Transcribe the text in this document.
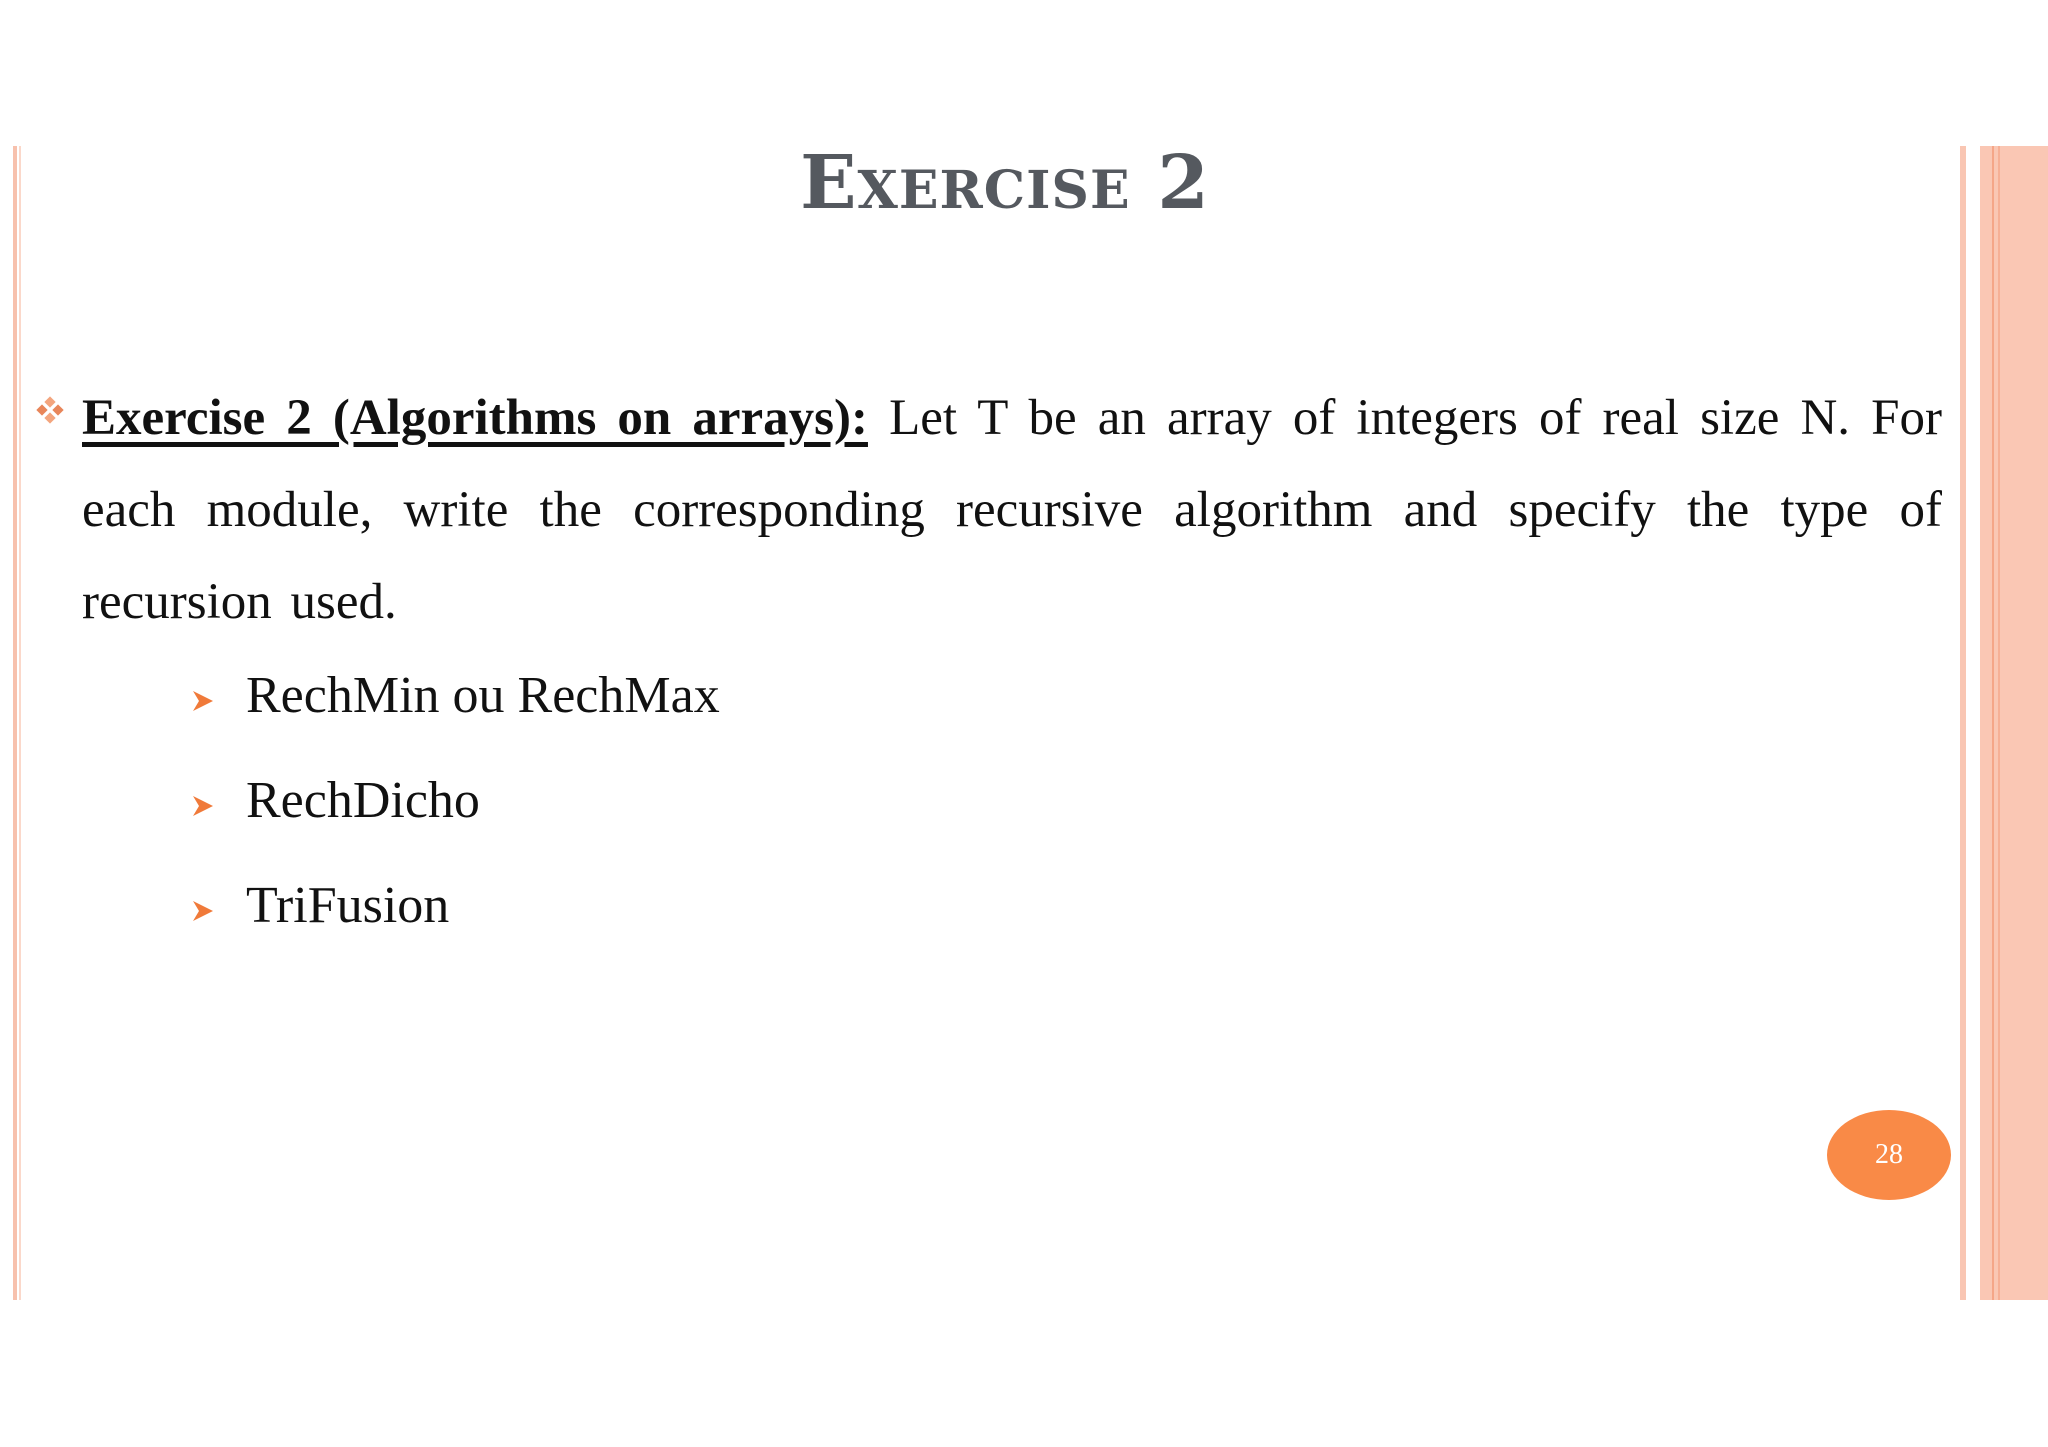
Exercise 2
Exercise 2 (Algorithms on arrays): Let T be an array of integers of real size N. For each module, write the corresponding recursive algorithm and specify the type of recursion used.
RechMin ou RechMax
RechDicho
TriFusion
28
